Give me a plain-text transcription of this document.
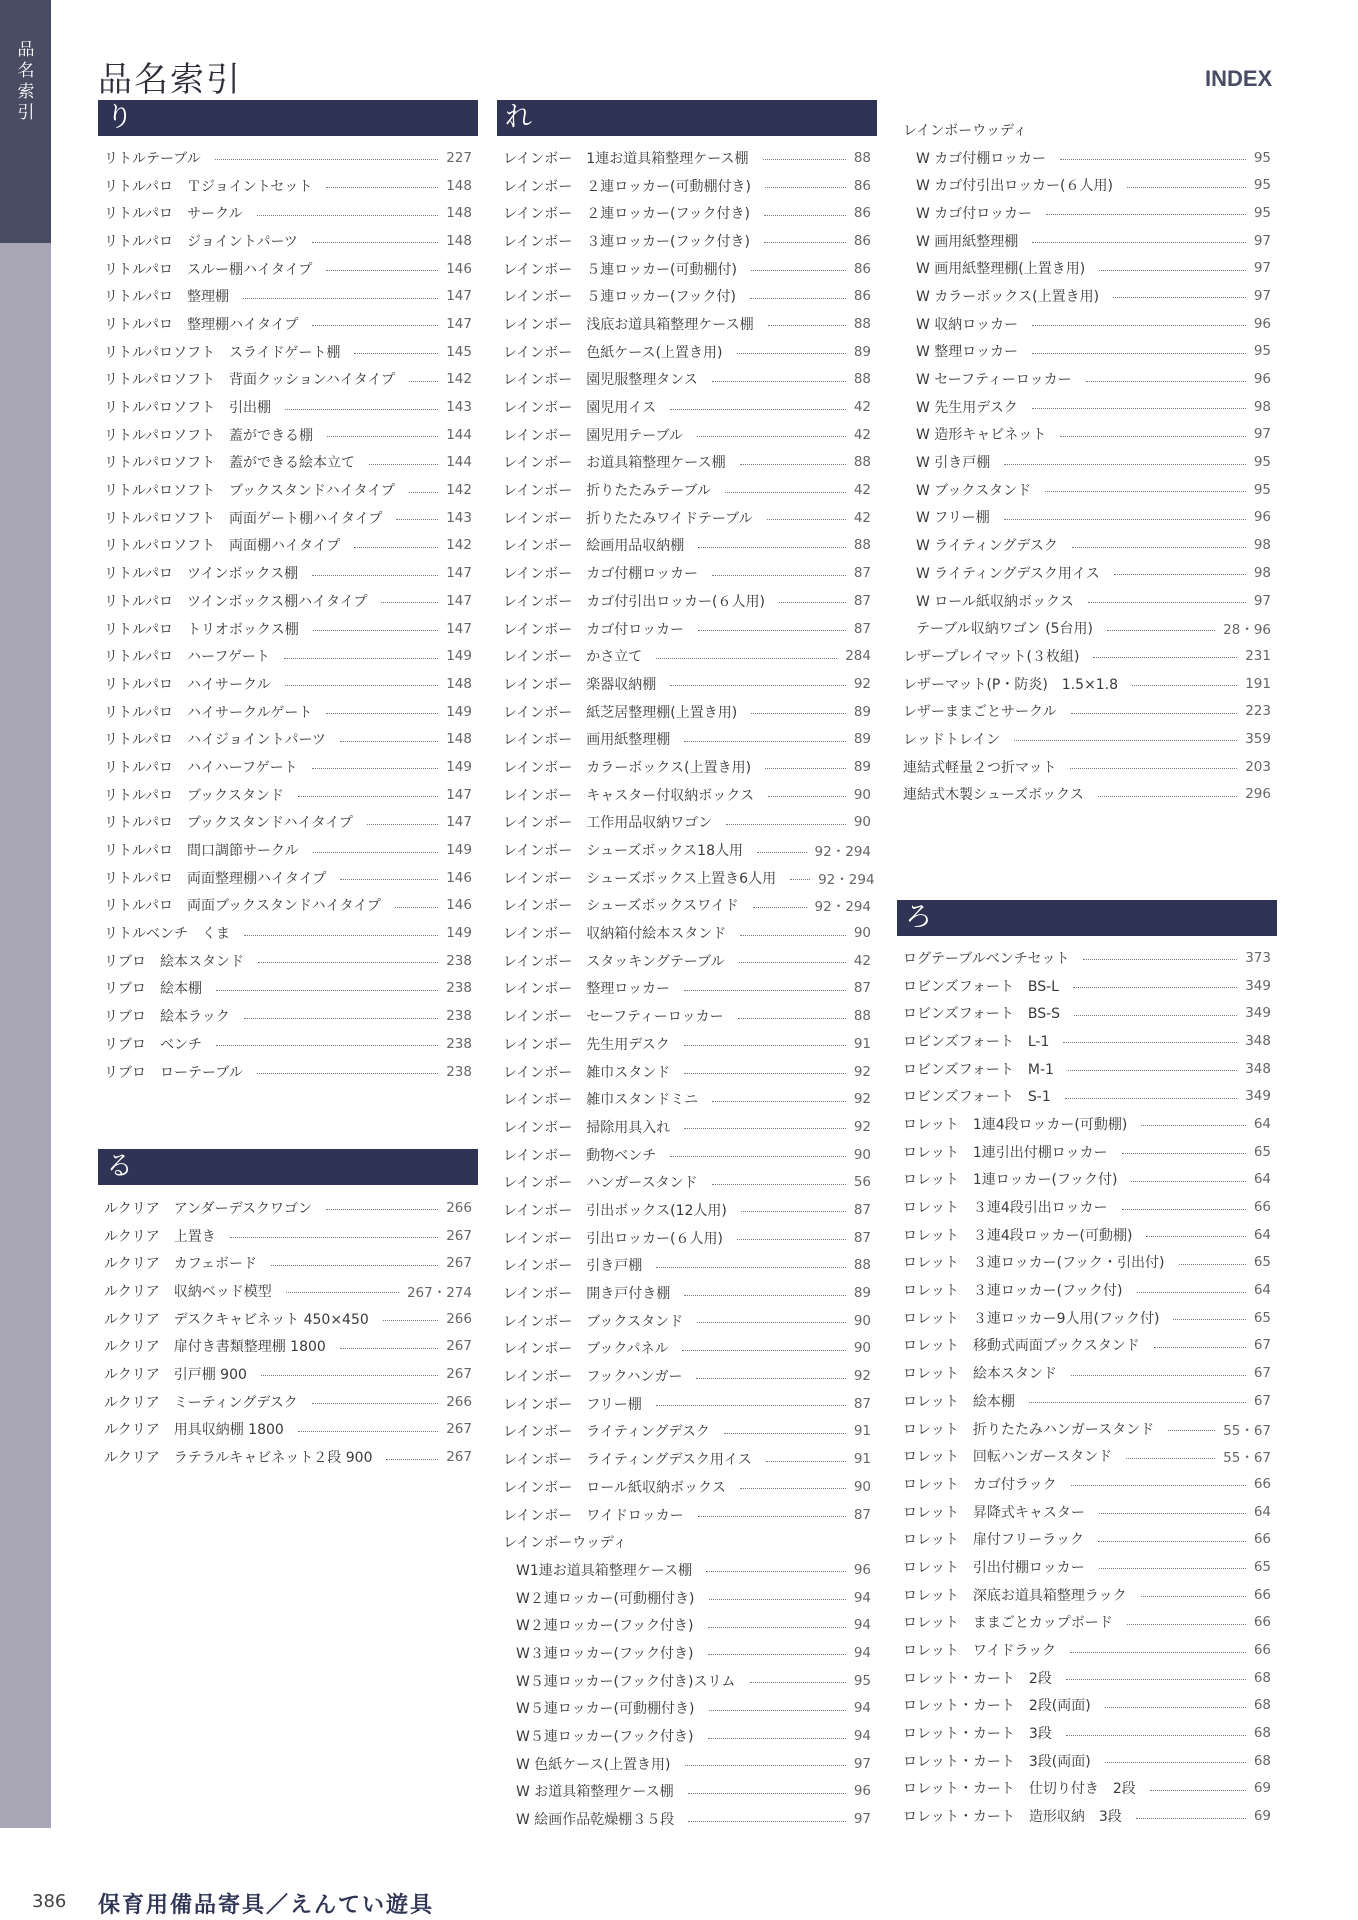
品名索引
品名索引	INDEX
り
リトルテーブル	227
リトルパロ　Ｔジョイントセット	148
リトルパロ　サークル	148
リトルパロ　ジョイントパーツ	148
リトルパロ　スルー棚ハイタイプ	146
リトルパロ　整理棚	147
リトルパロ　整理棚ハイタイプ	147
リトルパロソフト　スライドゲート棚	145
リトルパロソフト　背面クッションハイタイプ	142
リトルパロソフト　引出棚	143
リトルパロソフト　蓋ができる棚	144
リトルパロソフト　蓋ができる絵本立て	144
リトルパロソフト　ブックスタンドハイタイプ	142
リトルパロソフト　両面ゲート棚ハイタイプ	143
リトルパロソフト　両面棚ハイタイプ	142
リトルパロ　ツインボックス棚	147
リトルパロ　ツインボックス棚ハイタイプ	147
リトルパロ　トリオボックス棚	147
リトルパロ　ハーフゲート	149
リトルパロ　ハイサークル	148
リトルパロ　ハイサークルゲート	149
リトルパロ　ハイジョイントパーツ	148
リトルパロ　ハイハーフゲート	149
リトルパロ　ブックスタンド	147
リトルパロ　ブックスタンドハイタイプ	147
リトルパロ　間口調節サークル	149
リトルパロ　両面整理棚ハイタイプ	146
リトルパロ　両面ブックスタンドハイタイプ	146
リトルベンチ　くま	149
リブロ　絵本スタンド	238
リブロ　絵本棚	238
リブロ　絵本ラック	238
リブロ　ベンチ	238
リブロ　ローテーブル	238
る
ルクリア　アンダーデスクワゴン	266
ルクリア　上置き	267
ルクリア　カフェボード	267
ルクリア　収納ベッド模型	267・274
ルクリア　デスクキャビネット 450×450	266
ルクリア　扉付き書類整理棚 1800	267
ルクリア　引戸棚 900	267
ルクリア　ミーティングデスク	266
ルクリア　用具収納棚 1800	267
ルクリア　ラテラルキャビネット２段 900	267
れ
レインボー　1連お道具箱整理ケース棚	88
レインボー　２連ロッカー(可動棚付き)	86
レインボー　２連ロッカー(フック付き)	86
レインボー　３連ロッカー(フック付き)	86
レインボー　５連ロッカー(可動棚付)	86
レインボー　５連ロッカー(フック付)	86
レインボー　浅底お道具箱整理ケース棚	88
レインボー　色紙ケース(上置き用)	89
レインボー　園児服整理タンス	88
レインボー　園児用イス	42
レインボー　園児用テーブル	42
レインボー　お道具箱整理ケース棚	88
レインボー　折りたたみテーブル	42
レインボー　折りたたみワイドテーブル	42
レインボー　絵画用品収納棚	88
レインボー　カゴ付棚ロッカー	87
レインボー　カゴ付引出ロッカー(６人用)	87
レインボー　カゴ付ロッカー	87
レインボー　かさ立て	284
レインボー　楽器収納棚	92
レインボー　紙芝居整理棚(上置き用)	89
レインボー　画用紙整理棚	89
レインボー　カラーボックス(上置き用)	89
レインボー　キャスター付収納ボックス	90
レインボー　工作用品収納ワゴン	90
レインボー　シューズボックス18人用	92・294
レインボー　シューズボックス上置き6人用	92・294
レインボー　シューズボックスワイド	92・294
レインボー　収納箱付絵本スタンド	90
レインボー　スタッキングテーブル	42
レインボー　整理ロッカー	87
レインボー　セーフティーロッカー	88
レインボー　先生用デスク	91
レインボー　雑巾スタンド	92
レインボー　雑巾スタンドミニ	92
レインボー　掃除用具入れ	92
レインボー　動物ベンチ	90
レインボー　ハンガースタンド	56
レインボー　引出ボックス(12人用)	87
レインボー　引出ロッカー(６人用)	87
レインボー　引き戸棚	88
レインボー　開き戸付き棚	89
レインボー　ブックスタンド	90
レインボー　ブックパネル	90
レインボー　フックハンガー	92
レインボー　フリー棚	87
レインボー　ライティングデスク	91
レインボー　ライティングデスク用イス	91
レインボー　ロール紙収納ボックス	90
レインボー　ワイドロッカー	87
レインボーウッディ
W1連お道具箱整理ケース棚	96
W２連ロッカー(可動棚付き)	94
W２連ロッカー(フック付き)	94
W３連ロッカー(フック付き)	94
W５連ロッカー(フック付き)スリム	95
W５連ロッカー(可動棚付き)	94
W５連ロッカー(フック付き)	94
W 色紙ケース(上置き用)	97
W お道具箱整理ケース棚	96
W 絵画作品乾燥棚３５段	97
レインボーウッディ
W カゴ付棚ロッカー	95
W カゴ付引出ロッカー(６人用)	95
W カゴ付ロッカー	95
W 画用紙整理棚	97
W 画用紙整理棚(上置き用)	97
W カラーボックス(上置き用)	97
W 収納ロッカー	96
W 整理ロッカー	95
W セーフティーロッカー	96
W 先生用デスク	98
W 造形キャビネット	97
W 引き戸棚	95
W ブックスタンド	95
W フリー棚	96
W ライティングデスク	98
W ライティングデスク用イス	98
W ロール紙収納ボックス	97
テーブル収納ワゴン (5台用)	28・96
レザープレイマット(３枚組)	231
レザーマット(P・防炎)　1.5×1.8	191
レザーままごとサークル	223
レッドトレイン	359
連結式軽量２つ折マット	203
連結式木製シューズボックス	296
ろ
ログテーブルベンチセット	373
ロビンズフォート　BS-L	349
ロビンズフォート　BS-S	349
ロビンズフォート　L-1	348
ロビンズフォート　M-1	348
ロビンズフォート　S-1	349
ロレット　1連4段ロッカー(可動棚)	64
ロレット　1連引出付棚ロッカー	65
ロレット　1連ロッカー(フック付)	64
ロレット　３連4段引出ロッカー	66
ロレット　３連4段ロッカー(可動棚)	64
ロレット　３連ロッカー(フック・引出付)	65
ロレット　３連ロッカー(フック付)	64
ロレット　３連ロッカー9人用(フック付)	65
ロレット　移動式両面ブックスタンド	67
ロレット　絵本スタンド	67
ロレット　絵本棚	67
ロレット　折りたたみハンガースタンド	55・67
ロレット　回転ハンガースタンド	55・67
ロレット　カゴ付ラック	66
ロレット　昇降式キャスター	64
ロレット　扉付フリーラック	66
ロレット　引出付棚ロッカー	65
ロレット　深底お道具箱整理ラック	66
ロレット　ままごとカップボード	66
ロレット　ワイドラック	66
ロレット・カート　2段	68
ロレット・カート　2段(両面)	68
ロレット・カート　3段	68
ロレット・カート　3段(両面)	68
ロレット・カート　仕切り付き　2段	69
ロレット・カート　造形収納　3段	69
386 保育用備品寄具／えんてい遊具
